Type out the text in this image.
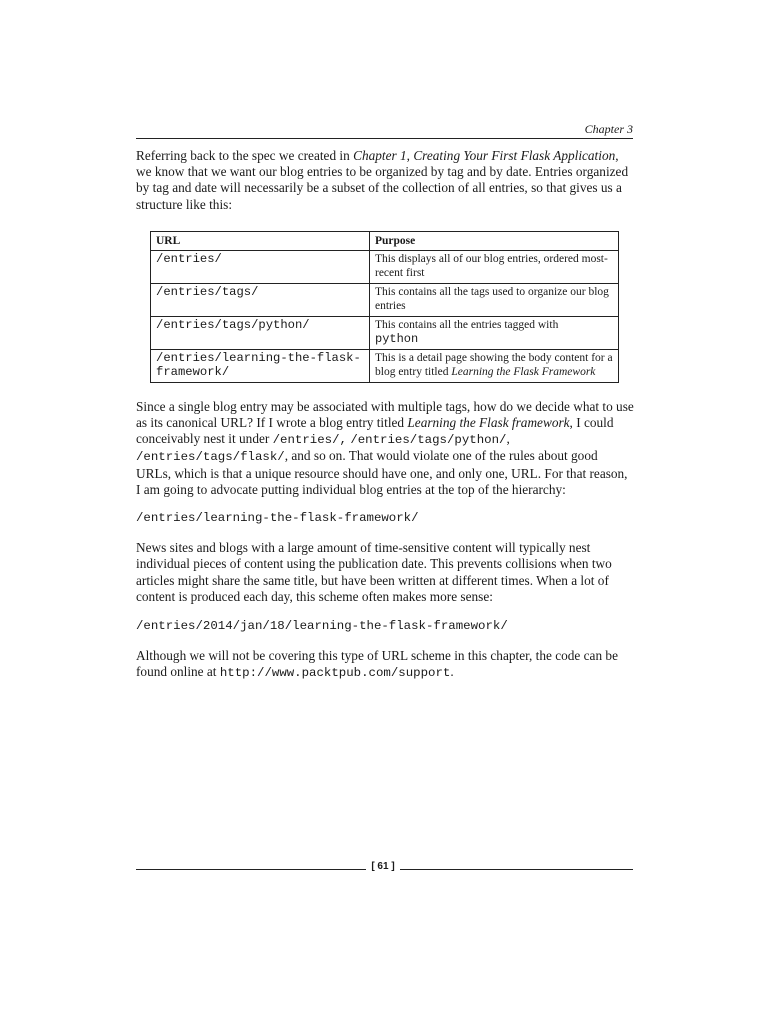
Chapter 3

Referring back to the spec we created in Chapter 1, Creating Your First Flask Application, we know that we want our blog entries to be organized by tag and by date. Entries organized by tag and date will necessarily be a subset of the collection of all entries, so that gives us a structure like this:

URL	Purpose
/entries/	This displays all of our blog entries, ordered most-recent first
/entries/tags/	This contains all the tags used to organize our blog entries
/entries/tags/python/	This contains all the entries tagged with
python
/entries/learning-the-flask-framework/	This is a detail page showing the body content for a blog entry titled Learning the Flask Framework

Since a single blog entry may be associated with multiple tags, how do we decide what to use as its canonical URL? If I wrote a blog entry titled Learning the Flask framework, I could conceivably nest it under /entries/, /entries/tags/python/, /entries/tags/flask/, and so on. That would violate one of the rules about good URLs, which is that a unique resource should have one, and only one, URL. For that reason, I am going to advocate putting individual blog entries at the top of the hierarchy:

/entries/learning-the-flask-framework/

News sites and blogs with a large amount of time-sensitive content will typically nest individual pieces of content using the publication date. This prevents collisions when two articles might share the same title, but have been written at different times. When a lot of content is produced each day, this scheme often makes more sense:

/entries/2014/jan/18/learning-the-flask-framework/

Although we will not be covering this type of URL scheme in this chapter, the code can be found online at http://www.packtpub.com/support.

[ 61 ]
